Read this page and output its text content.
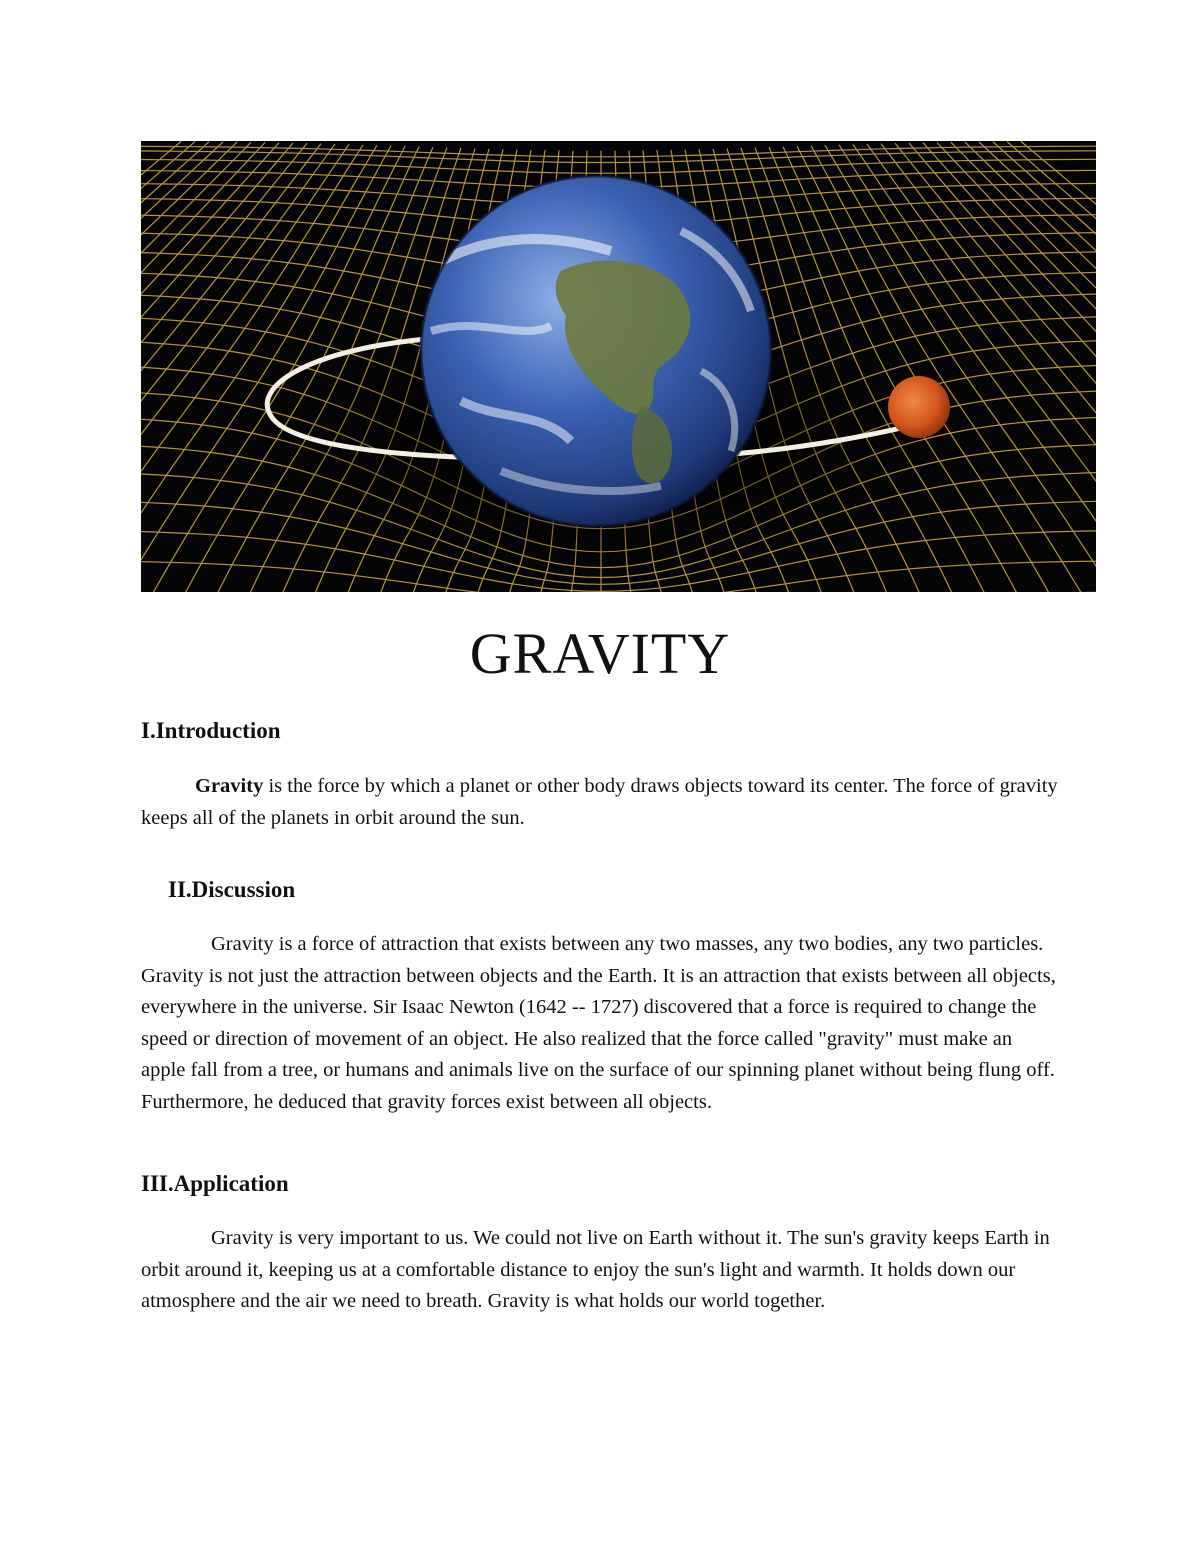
GRAVITY
I.Introduction

Gravity is the force by which a planet or other body draws objects toward its center. The force of gravity keeps all of the planets in orbit around the sun.

II.Discussion

Gravity is a force of attraction that exists between any two masses, any two bodies, any two particles. Gravity is not just the attraction between objects and the Earth. It is an attraction that exists between all objects, everywhere in the universe. Sir Isaac Newton (1642 -- 1727) discovered that a force is required to change the speed or direction of movement of an object. He also realized that the force called "gravity" must make an apple fall from a tree, or humans and animals live on the surface of our spinning planet without being flung off. Furthermore, he deduced that gravity forces exist between all objects.

III.Application

Gravity is very important to us. We could not live on Earth without it. The sun's gravity keeps Earth in orbit around it, keeping us at a comfortable distance to enjoy the sun's light and warmth. It holds down our atmosphere and the air we need to breath. Gravity is what holds our world together.
